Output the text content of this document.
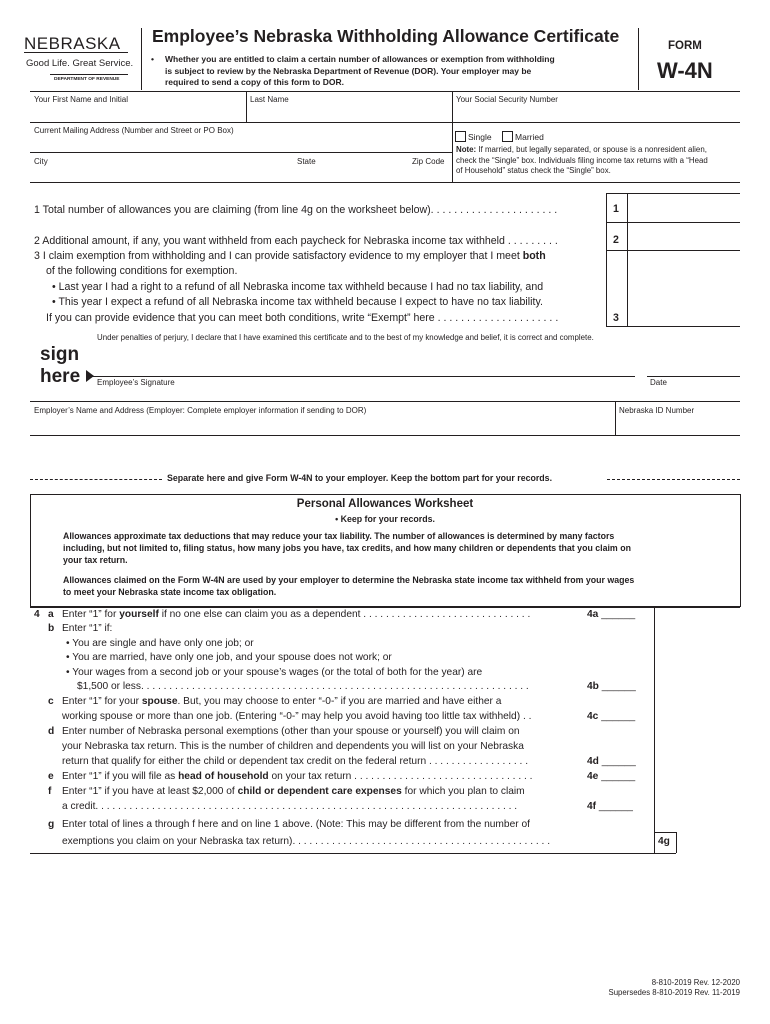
NEBRASKA
Good Life. Great Service.
DEPARTMENT OF REVENUE
Employee’s Nebraska Withholding Allowance Certificate
• Whether you are entitled to claim a certain number of allowances or exemption from withholding
is subject to review by the Nebraska Department of Revenue (DOR). Your employer may be
required to send a copy of this form to DOR.
FORM
W-4N
Your First Name and Initial	Last Name	Your Social Security Number
Current Mailing Address (Number and Street or PO Box)
Single	Married
Note: If married, but legally separated, or spouse is a nonresident alien,
check the “Single” box. Individuals filing income tax returns with a “Head
of Household” status check the “Single” box.
City	State	Zip Code
1 Total number of allowances you are claiming (from line 4g on the worksheet below). . . . . . . . . . . . . . . . . . . . . .	1
2 Additional amount, if any, you want withheld from each paycheck for Nebraska income tax withheld . . . . . . . . .	2
3 I claim exemption from withholding and I can provide satisfactory evidence to my employer that I meet both
of the following conditions for exemption.
• Last year I had a right to a refund of all Nebraska income tax withheld because I had no tax liability, and
• This year I expect a refund of all Nebraska income tax withheld because I expect to have no tax liability.
If you can provide evidence that you can meet both conditions, write “Exempt” here . . . . . . . . . . . . . . . . . . . . .	3
Under penalties of perjury, I declare that I have examined this certificate and to the best of my knowledge and belief, it is correct and complete.
sign
here Employee’s Signature	Date
Employer’s Name and Address (Employer: Complete employer information if sending to DOR)	Nebraska ID Number
Separate here and give Form W-4N to your employer. Keep the bottom part for your records.
Personal Allowances Worksheet
• Keep for your records.
Allowances approximate tax deductions that may reduce your tax liability. The number of allowances is determined by many factors
including, but not limited to, filing status, how many jobs you have, tax credits, and how many children or dependents that you claim on
your tax return.
Allowances claimed on the Form W-4N are used by your employer to determine the Nebraska state income tax withheld from your wages
to meet your Nebraska state income tax obligation.
4 a Enter “1” for yourself if no one else can claim you as a dependent . . . . . . . . . . . . . . . . . . . . . . . . . . . . . .	4a ______
b Enter “1” if:
• You are single and have only one job; or
• You are married, have only one job, and your spouse does not work; or
• Your wages from a second job or your spouse’s wages (or the total of both for the year) are
$1,500 or less. . . . . . . . . . . . . . . . . . . . . . . . . . . . . . . . . . . . . . . . . . . . . . . . . . . . . . . . . . . . . . . . . . . . .	4b ______
c Enter “1” for your spouse. But, you may choose to enter “-0-” if you are married and have either a
working spouse or more than one job. (Entering “-0-” may help you avoid having too little tax withheld) . .	4c ______
d Enter number of Nebraska personal exemptions (other than your spouse or yourself) you will claim on
your Nebraska tax return. This is the number of children and dependents you will list on your Nebraska
return that qualify for either the child or dependent tax credit on the federal return . . . . . . . . . . . . . . . . . .	4d ______
e Enter “1” if you will file as head of household on your tax return . . . . . . . . . . . . . . . . . . . . . . . . . . . . . . . .	4e ______
f Enter “1” if you have at least $2,000 of child or dependent care expenses for which you plan to claim
a credit. . . . . . . . . . . . . . . . . . . . . . . . . . . . . . . . . . . . . . . . . . . . . . . . . . . . . . . . . . . . . . . . . . . . . . . . . . .	4f ______
g Enter total of lines a through f here and on line 1 above. (Note: This may be different from the number of
exemptions you claim on your Nebraska tax return). . . . . . . . . . . . . . . . . . . . . . . . . . . . . . . . . . . . . . . . . . . . . .	4g
8-810-2019 Rev. 12-2020
Supersedes 8-810-2019 Rev. 11-2019
